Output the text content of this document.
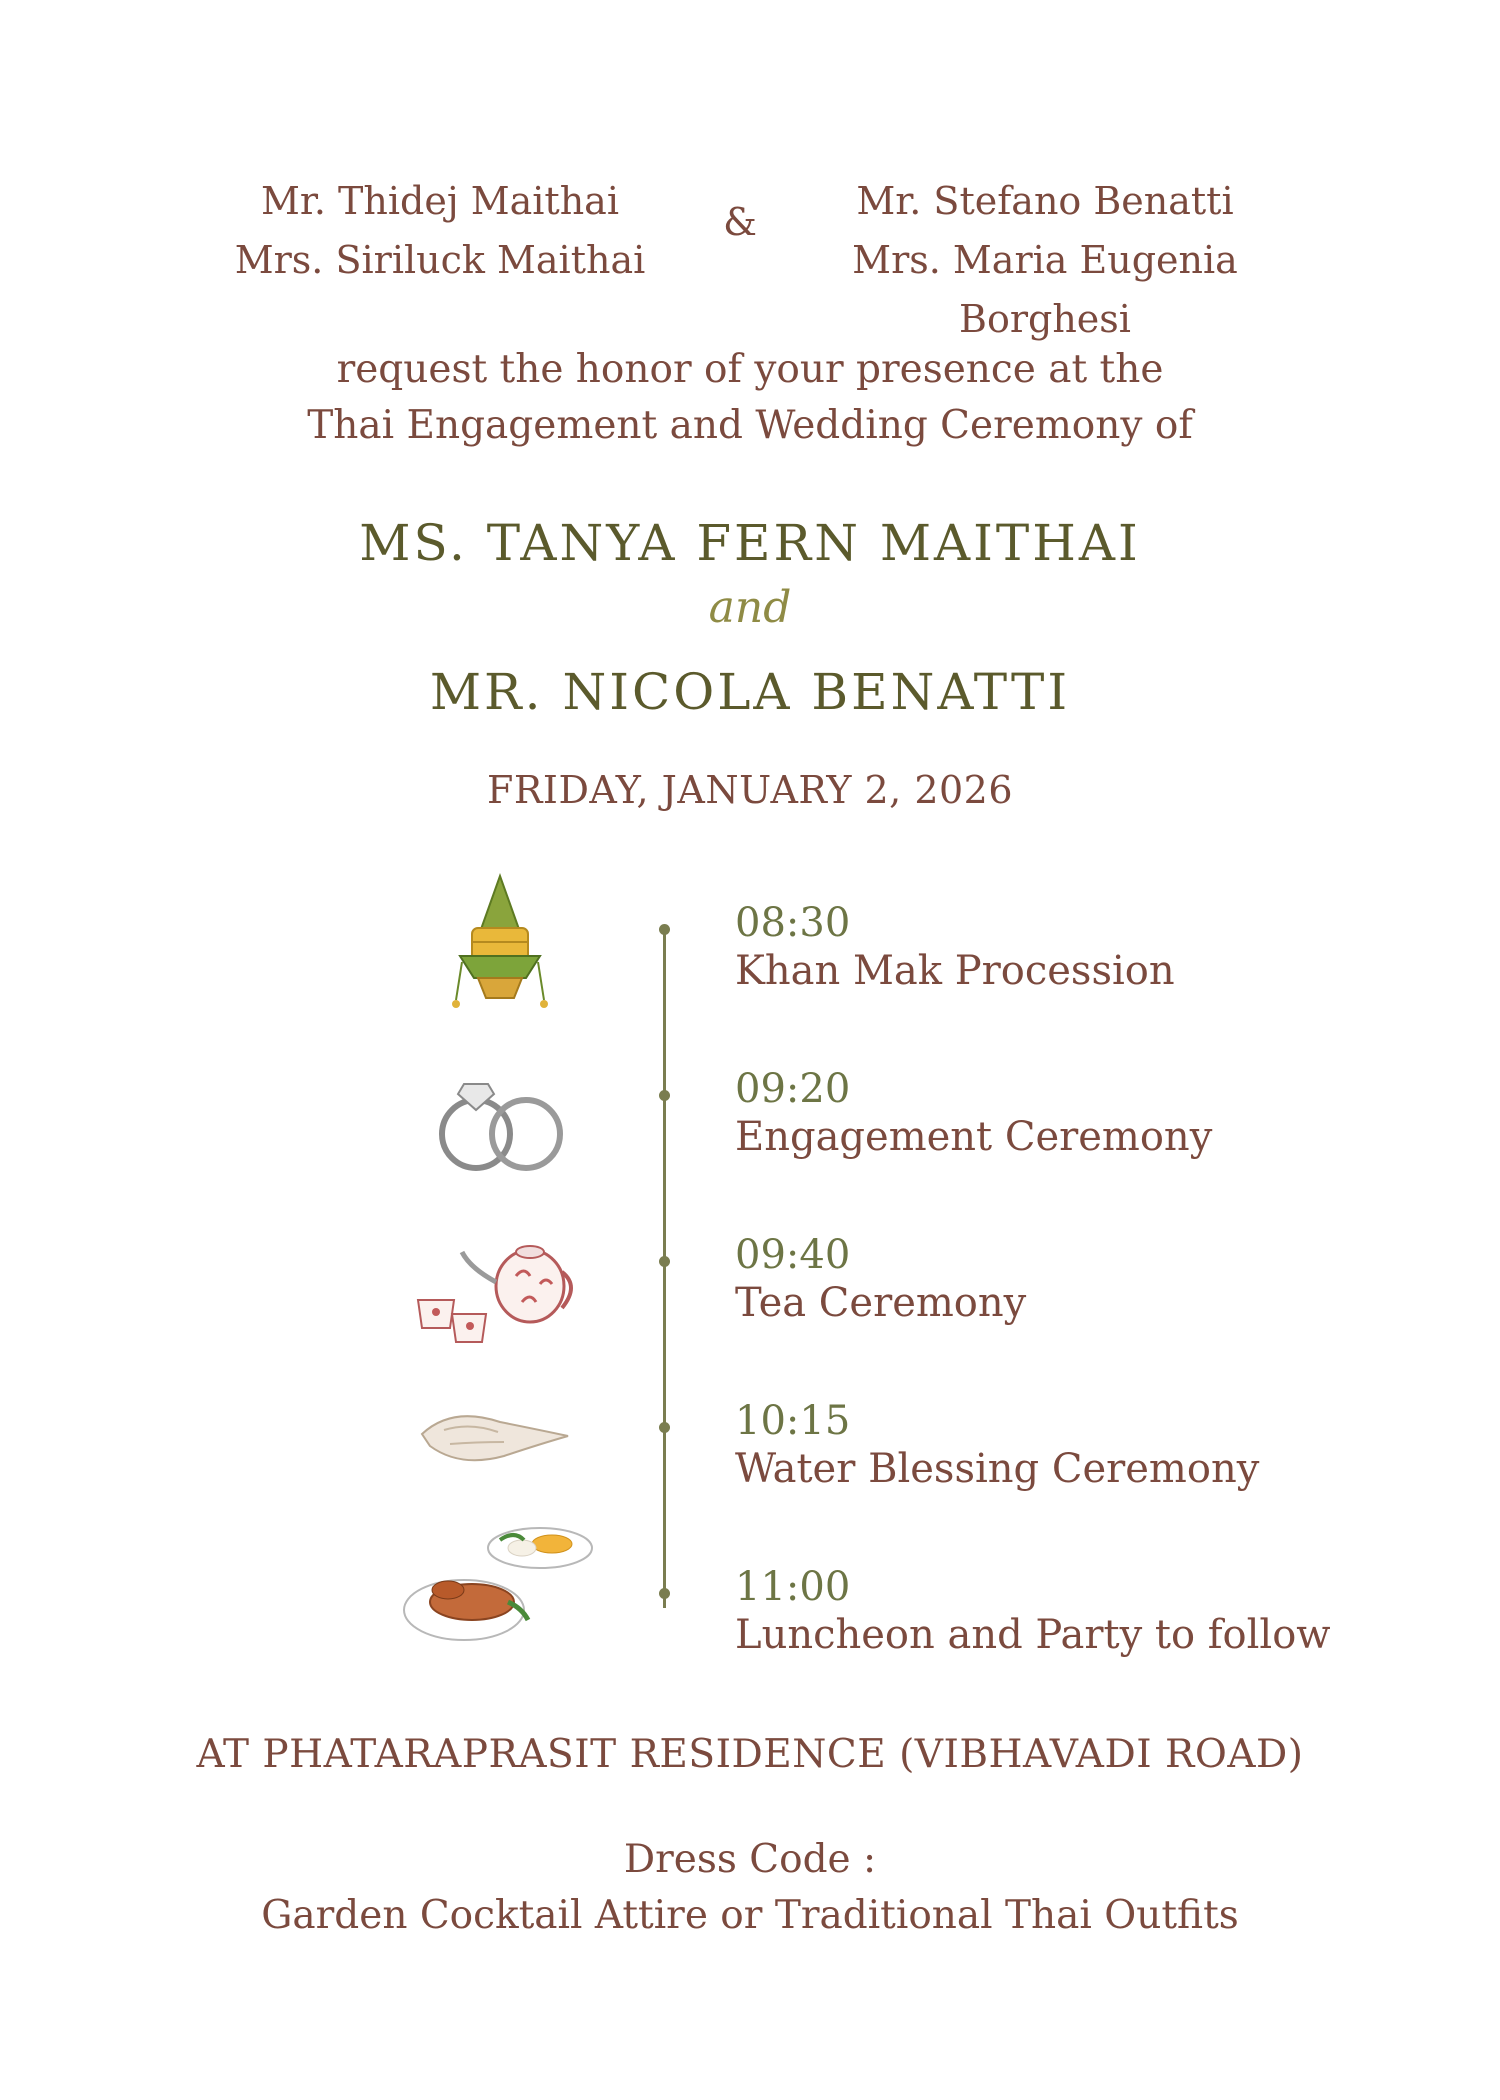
Mr. Thidej Maithai
Mrs. Siriluck Maithai
&	Mr. Stefano Benatti
Mrs. Maria Eugenia Borghesi
request the honor of your presence at the
Thai Engagement and Wedding Ceremony of
MS. TANYA FERN MAITHAI
and
MR. NICOLA BENATTI
FRIDAY, JANUARY 2, 2026
08:30
Khan Mak Procession
09:20
Engagement Ceremony
09:40
Tea Ceremony
10:15
Water Blessing Ceremony
11:00
Luncheon and Party to follow
AT PHATARAPRASIT RESIDENCE (VIBHAVADI ROAD)
Dress Code :
Garden Cocktail Attire or Traditional Thai Outfits
